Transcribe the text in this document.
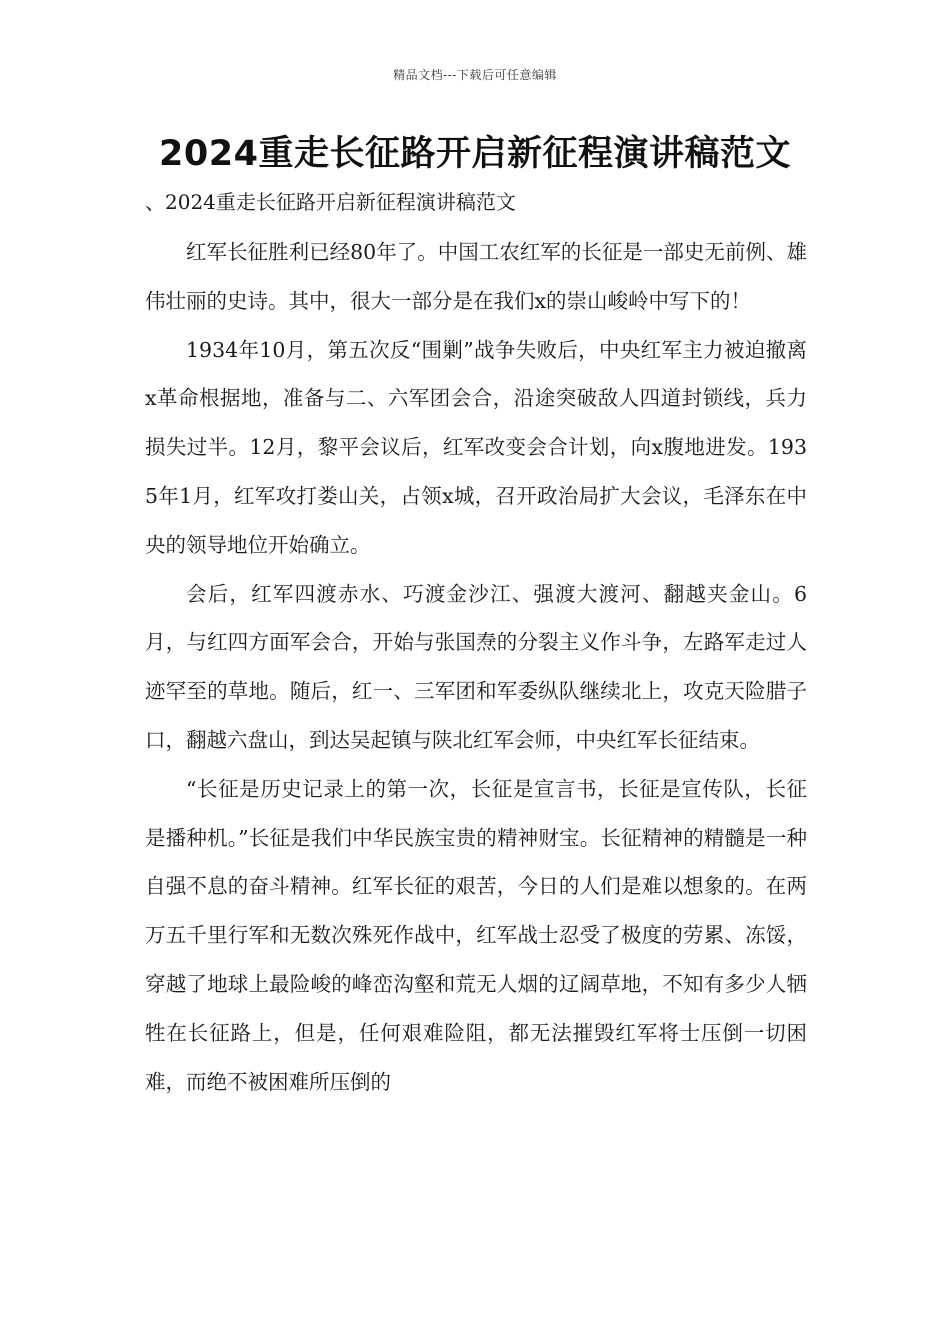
精品文档---下载后可任意编辑
2024重走长征路开启新征程演讲稿范文
、2024重走长征路开启新征程演讲稿范文

红军长征胜利已经80年了。中国工农红军的长征是一部史无前例、雄伟壮丽的史诗。其中，很大一部分是在我们x的崇山峻岭中写下的！

1934年10月，第五次反“围剿”战争失败后，中央红军主力被迫撤离x革命根据地，准备与二、六军团会合，沿途突破敌人四道封锁线，兵力损失过半。12月，黎平会议后，红军改变会合计划，向x腹地进发。1935年1月，红军攻打娄山关，占领x城，召开政治局扩大会议，毛泽东在中央的领导地位开始确立。

会后，红军四渡赤水、巧渡金沙江、强渡大渡河、翻越夹金山。6月，与红四方面军会合，开始与张国焘的分裂主义作斗争，左路军走过人迹罕至的草地。随后，红一、三军团和军委纵队继续北上，攻克天险腊子口，翻越六盘山，到达吴起镇与陕北红军会师，中央红军长征结束。

“长征是历史记录上的第一次，长征是宣言书，长征是宣传队，长征是播种机。”长征是我们中华民族宝贵的精神财宝。长征精神的精髓是一种自强不息的奋斗精神。红军长征的艰苦，今日的人们是难以想象的。在两万五千里行军和无数次殊死作战中，红军战士忍受了极度的劳累、冻馁，穿越了地球上最险峻的峰峦沟壑和荒无人烟的辽阔草地，不知有多少人牺牲在长征路上，但是，任何艰难险阻，都无法摧毁红军将士压倒一切困难，而绝不被困难所压倒的
